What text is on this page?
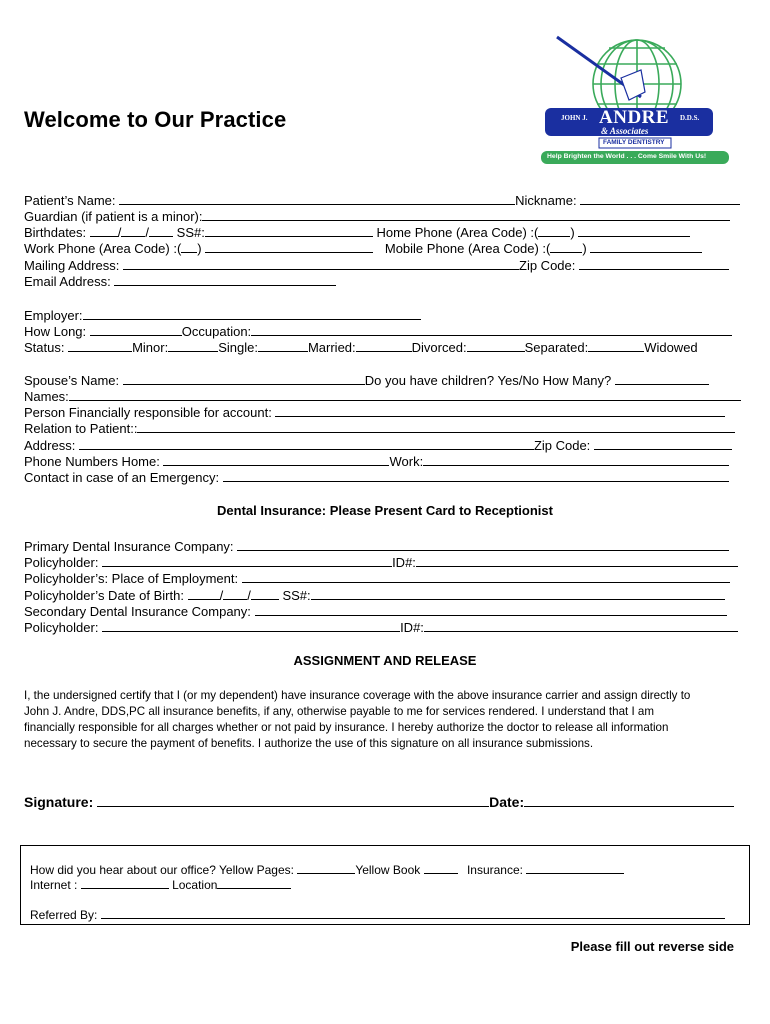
Welcome to Our Practice	JOHN J. ANDRE D.D.S.
& Associates
FAMILY DENTISTRY
Help Brighten the World . . . Come Smile With Us!
Patient’s Name:	Nickname:
Guardian (if patient is a minor):
Birthdates: / / SS#:	Home Phone (Area Code) :( )
Work Phone (Area Code) :( )	Mobile Phone (Area Code) :( )
Mailing Address:	Zip Code:
Email Address:
Employer:
How Long:	Occupation:
Status:	Minor:	Single:	Married:	Divorced:	Separated:	Widowed
Spouse’s Name:	Do you have children? Yes/No How Many?
Names:
Person Financially responsible for account:
Relation to Patient::
Address:	Zip Code:
Phone Numbers Home:	Work:
Contact in case of an Emergency:
Dental Insurance: Please Present Card to Receptionist
Primary Dental Insurance Company:
Policyholder:	ID#:
Policyholder’s: Place of Employment:
Policyholder’s Date of Birth:	/ / SS#:
Secondary Dental Insurance Company:
Policyholder:	ID#:
ASSIGNMENT AND RELEASE
I, the undersigned certify that I (or my dependent) have insurance coverage with the above insurance carrier and assign directly to
John J. Andre, DDS,PC all insurance benefits, if any, otherwise payable to me for services rendered. I understand that I am
financially responsible for all charges whether or not paid by insurance. I hereby authorize the doctor to release all information
necessary to secure the payment of benefits. I authorize the use of this signature on all insurance submissions.
Signature:	Date:
How did you hear about our office? Yellow Pages:	Yellow Book	Insurance:
Internet :	Location
Referred By:
Please fill out reverse side
